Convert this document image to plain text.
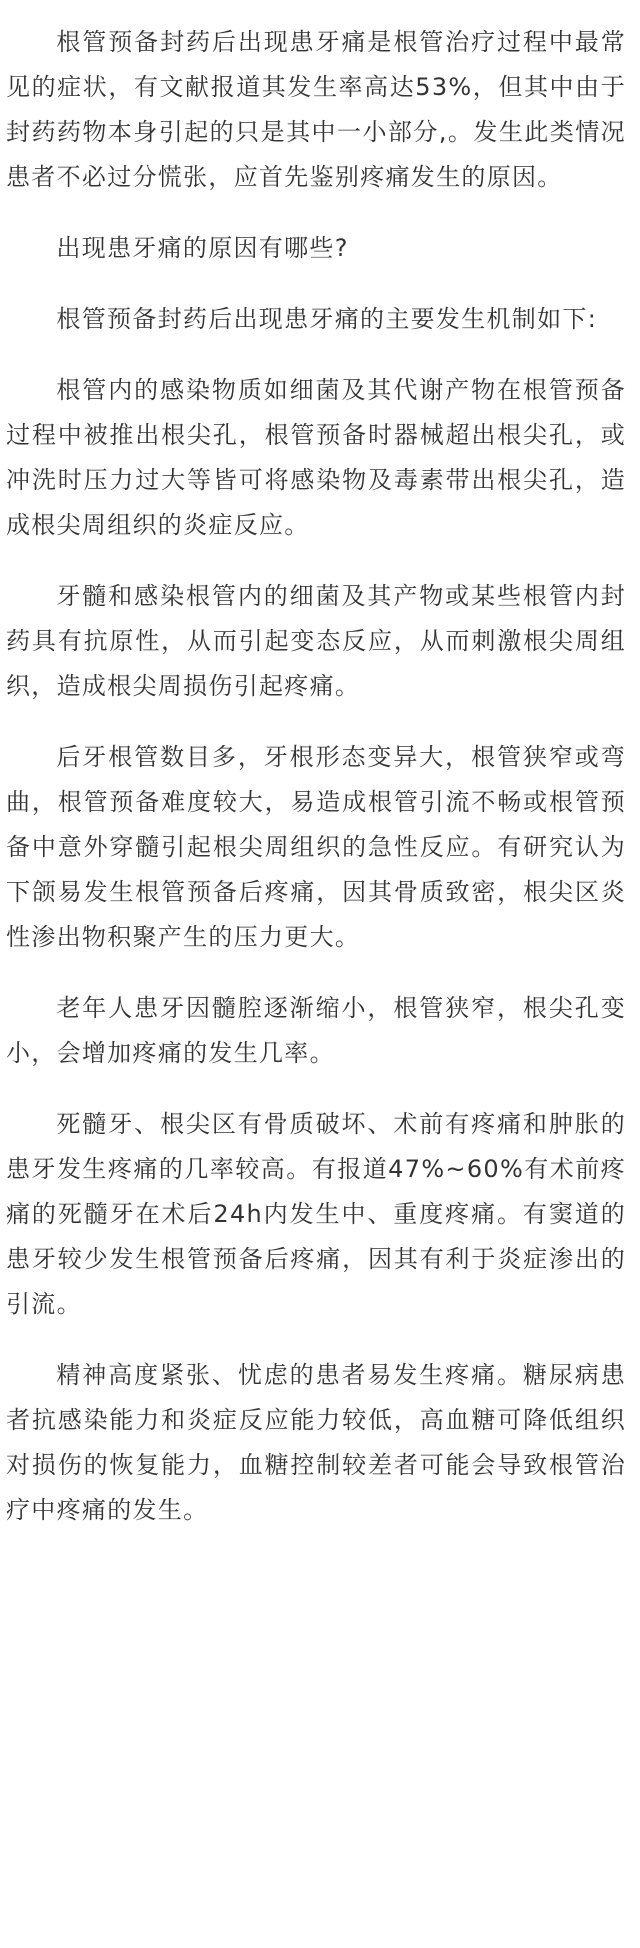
根管预备封药后出现患牙痛是根管治疗过程中最常见的症状，有文献报道其发生率高达53%，但其中由于封药药物本身引起的只是其中一小部分,。发生此类情况患者不必过分慌张，应首先鉴别疼痛发生的原因。

出现患牙痛的原因有哪些?

根管预备封药后出现患牙痛的主要发生机制如下:

根管内的感染物质如细菌及其代谢产物在根管预备过程中被推出根尖孔，根管预备时器械超出根尖孔，或冲洗时压力过大等皆可将感染物及毒素带出根尖孔，造成根尖周组织的炎症反应。

牙髓和感染根管内的细菌及其产物或某些根管内封药具有抗原性，从而引起变态反应，从而刺激根尖周组织，造成根尖周损伤引起疼痛。

后牙根管数目多，牙根形态变异大，根管狭窄或弯曲，根管预备难度较大，易造成根管引流不畅或根管预备中意外穿髓引起根尖周组织的急性反应。有研究认为下颌易发生根管预备后疼痛，因其骨质致密，根尖区炎性渗出物积聚产生的压力更大。

老年人患牙因髓腔逐渐缩小，根管狭窄，根尖孔变小，会增加疼痛的发生几率。

死髓牙、根尖区有骨质破坏、术前有疼痛和肿胀的患牙发生疼痛的几率较高。有报道47%~60%有术前疼痛的死髓牙在术后24h内发生中、重度疼痛。有窦道的患牙较少发生根管预备后疼痛，因其有利于炎症渗出的引流。

精神高度紧张、忧虑的患者易发生疼痛。糖尿病患者抗感染能力和炎症反应能力较低，高血糖可降低组织对损伤的恢复能力，血糖控制较差者可能会导致根管治疗中疼痛的发生。
